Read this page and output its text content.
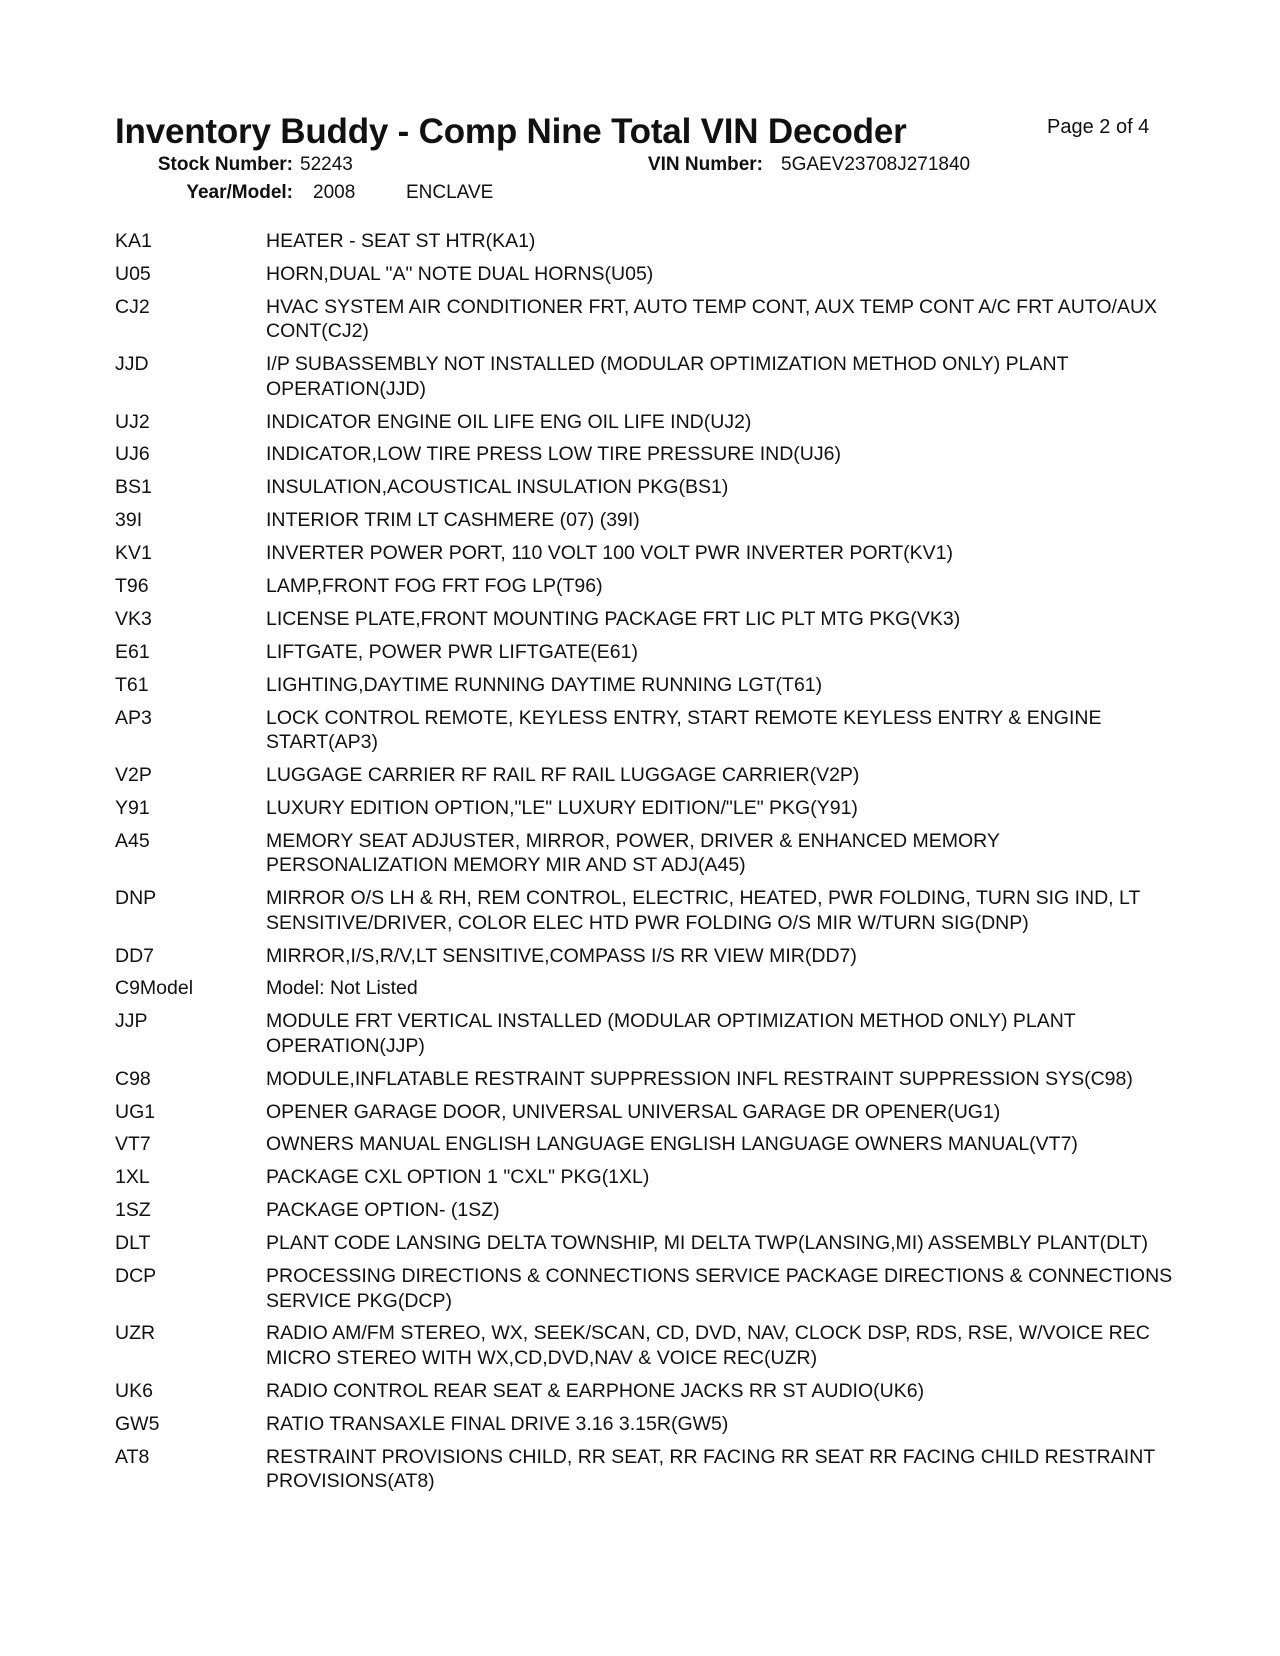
Inventory Buddy - Comp Nine Total VIN Decoder	Page 2 of 4
Stock Number: 52243	VIN Number: 5GAEV23708J271840
Year/Model: 2008	ENCLAVE
KA1	HEATER - SEAT ST HTR(KA1)
U05	HORN,DUAL "A" NOTE DUAL HORNS(U05)
CJ2	HVAC SYSTEM AIR CONDITIONER FRT, AUTO TEMP CONT, AUX TEMP CONT A/C FRT AUTO/AUX CONT(CJ2)
JJD	I/P SUBASSEMBLY NOT INSTALLED (MODULAR OPTIMIZATION METHOD ONLY) PLANT OPERATION(JJD)
UJ2	INDICATOR ENGINE OIL LIFE ENG OIL LIFE IND(UJ2)
UJ6	INDICATOR,LOW TIRE PRESS LOW TIRE PRESSURE IND(UJ6)
BS1	INSULATION,ACOUSTICAL INSULATION PKG(BS1)
39I	INTERIOR TRIM LT CASHMERE (07) (39I)
KV1	INVERTER POWER PORT, 110 VOLT 100 VOLT PWR INVERTER PORT(KV1)
T96	LAMP,FRONT FOG FRT FOG LP(T96)
VK3	LICENSE PLATE,FRONT MOUNTING PACKAGE FRT LIC PLT MTG PKG(VK3)
E61	LIFTGATE, POWER PWR LIFTGATE(E61)
T61	LIGHTING,DAYTIME RUNNING DAYTIME RUNNING LGT(T61)
AP3	LOCK CONTROL REMOTE, KEYLESS ENTRY, START REMOTE KEYLESS ENTRY & ENGINE START(AP3)
V2P	LUGGAGE CARRIER RF RAIL RF RAIL LUGGAGE CARRIER(V2P)
Y91	LUXURY EDITION OPTION,"LE" LUXURY EDITION/"LE" PKG(Y91)
A45	MEMORY SEAT ADJUSTER, MIRROR, POWER, DRIVER & ENHANCED MEMORY PERSONALIZATION MEMORY MIR AND ST ADJ(A45)
DNP	MIRROR O/S LH & RH, REM CONTROL, ELECTRIC, HEATED, PWR FOLDING, TURN SIG IND, LT SENSITIVE/DRIVER, COLOR ELEC HTD PWR FOLDING O/S MIR W/TURN SIG(DNP)
DD7	MIRROR,I/S,R/V,LT SENSITIVE,COMPASS I/S RR VIEW MIR(DD7)
C9Model	Model: Not Listed
JJP	MODULE FRT VERTICAL INSTALLED (MODULAR OPTIMIZATION METHOD ONLY) PLANT OPERATION(JJP)
C98	MODULE,INFLATABLE RESTRAINT SUPPRESSION INFL RESTRAINT SUPPRESSION SYS(C98)
UG1	OPENER GARAGE DOOR, UNIVERSAL UNIVERSAL GARAGE DR OPENER(UG1)
VT7	OWNERS MANUAL ENGLISH LANGUAGE ENGLISH LANGUAGE OWNERS MANUAL(VT7)
1XL	PACKAGE CXL OPTION 1 "CXL" PKG(1XL)
1SZ	PACKAGE OPTION- (1SZ)
DLT	PLANT CODE LANSING DELTA TOWNSHIP, MI DELTA TWP(LANSING,MI) ASSEMBLY PLANT(DLT)
DCP	PROCESSING DIRECTIONS & CONNECTIONS SERVICE PACKAGE DIRECTIONS & CONNECTIONS SERVICE PKG(DCP)
UZR	RADIO AM/FM STEREO, WX, SEEK/SCAN, CD, DVD, NAV, CLOCK DSP, RDS, RSE, W/VOICE REC MICRO STEREO WITH WX,CD,DVD,NAV & VOICE REC(UZR)
UK6	RADIO CONTROL REAR SEAT & EARPHONE JACKS RR ST AUDIO(UK6)
GW5	RATIO TRANSAXLE FINAL DRIVE 3.16 3.15R(GW5)
AT8	RESTRAINT PROVISIONS CHILD, RR SEAT, RR FACING RR SEAT RR FACING CHILD RESTRAINT PROVISIONS(AT8)
